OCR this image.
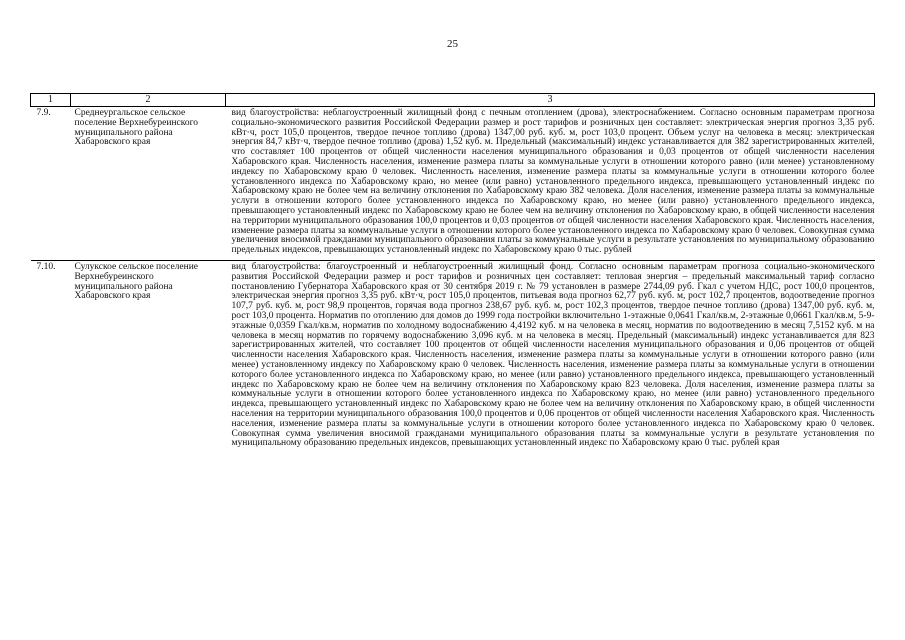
25
1	2	3
7.9.	Среднеургальское сельское поселение Верхнебуреинского муниципального района Хабаровского края	вид благоустройства: неблагоустроенный жилищный фонд с печным отоплением (дрова), электроснабжением. Согласно основным параметрам прогноза социально-экономического развития Российской Федерации размер и рост тарифов и розничных цен составляет: электрическая энергия прогноз 3,35 руб. кВт·ч, рост 105,0 процентов, твердое печное топливо (дрова) 1347,00 руб. куб. м, рост 103,0 процент. Объем услуг на человека в месяц: электрическая энергия 84,7 кВт·ч, твердое печное топливо (дрова) 1,52 куб. м. Предельный (максимальный) индекс устанавливается для 382 зарегистрированных жителей, что составляет 100 процентов от общей численности населения муниципального образования и 0,03 процентов от общей численности населения Хабаровского края. Численность населения, изменение размера платы за коммунальные услуги в отношении которого равно (или менее) установленному индексу по Хабаровскому краю 0 человек. Численность населения, изменение размера платы за коммунальные услуги в отношении которого более установленного индекса по Хабаровскому краю, но менее (или равно) установленного предельного индекса, превышающего установленный индекс по Хабаровскому краю не более чем на величину отклонения по Хабаровскому краю 382 человека. Доля населения, изменение размера платы за коммунальные услуги в отношении которого более установленного индекса по Хабаровскому краю, но менее (или равно) установленного предельного индекса, превышающего установленный индекс по Хабаровскому краю не более чем на величину отклонения по Хабаровскому краю, в общей численности населения на территории муниципального образования 100,0 процентов и 0,03 процентов от общей численности населения Хабаровского края. Численность населения, изменение размера платы за коммунальные услуги в отношении которого более установленного индекса по Хабаровскому краю 0 человек. Совокупная сумма увеличения вносимой гражданами муниципального образования платы за коммунальные услуги в результате установления по муниципальному образованию предельных индексов, превышающих установленный индекс по Хабаровскому краю 0 тыс. рублей
7.10.	Сулукское сельское поселение Верхнебуреинского муниципального района Хабаровского края	вид благоустройства: благоустроенный и неблагоустроенный жилищный фонд. Согласно основным параметрам прогноза социально-экономического развития Российской Федерации размер и рост тарифов и розничных цен составляет: тепловая энергия – предельный максимальный тариф согласно постановлению Губернатора Хабаровского края от 30 сентября 2019 г. № 79 установлен в размере 2744,09 руб. Гкал с учетом НДС, рост 100,0 процентов, электрическая энергия прогноз 3,35 руб. кВт·ч, рост 105,0 процентов, питьевая вода прогноз 62,77 руб. куб. м, рост 102,7 процентов, водоотведение прогноз 107,7 руб. куб. м, рост 98,9 процентов, горячая вода прогноз 238,67 руб. куб. м, рост 102,3 процентов, твердое печное топливо (дрова) 1347,00 руб. куб. м, рост 103,0 процента. Норматив по отоплению для домов до 1999 года постройки включительно 1-этажные 0,0641 Гкал/кв.м, 2-этажные 0,0661 Гкал/кв.м, 5-9-этажные 0,0359 Гкал/кв.м, норматив по холодному водоснабжению 4,4192 куб. м на человека в месяц, норматив по водоотведению в месяц 7,5152 куб. м на человека в месяц норматив по горячему водоснабжению 3,096 куб. м на человека в месяц. Предельный (максимальный) индекс устанавливается для 823 зарегистрированных жителей, что составляет 100 процентов от общей численности населения муниципального образования и 0,06 процентов от общей численности населения Хабаровского края. Численность населения, изменение размера платы за коммунальные услуги в отношении которого равно (или менее) установленному индексу по Хабаровскому краю 0 человек. Численность населения, изменение размера платы за коммунальные услуги в отношении которого более установленного индекса по Хабаровскому краю, но менее (или равно) установленного предельного индекса, превышающего установленный индекс по Хабаровскому краю не более чем на величину отклонения по Хабаровскому краю 823 человека. Доля населения, изменение размера платы за коммунальные услуги в отношении которого более установленного индекса по Хабаровскому краю, но менее (или равно) установленного предельного индекса, превышающего установленный индекс по Хабаровскому краю не более чем на величину отклонения по Хабаровскому краю, в общей численности населения на территории муниципального образования 100,0 процентов и 0,06 процентов от общей численности населения Хабаровского края. Численность населения, изменение размера платы за коммунальные услуги в отношении которого более установленного индекса по Хабаровскому краю 0 человек. Совокупная сумма увеличения вносимой гражданами муниципального образования платы за коммунальные услуги в результате установления по муниципальному образованию предельных индексов, превышающих установленный индекс по Хабаровскому краю 0 тыс. рублей края
